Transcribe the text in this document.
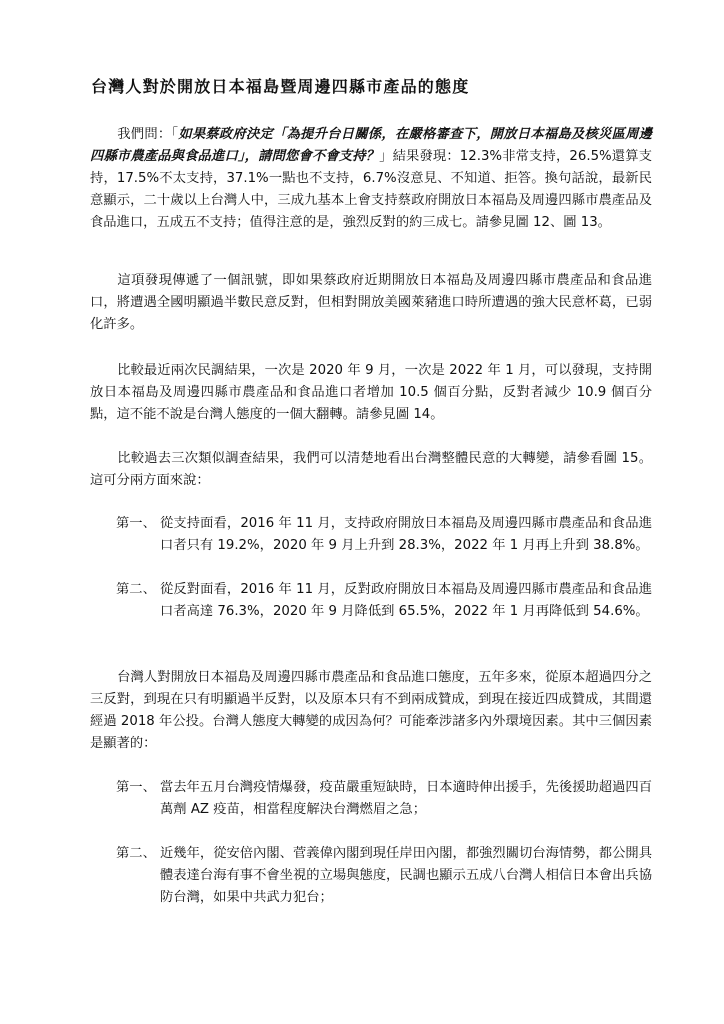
台灣人對於開放日本福島暨周邊四縣市產品的態度

我們問：「如果蔡政府決定「為提升台日關係，在嚴格審查下，開放日本福島及核災區周邊四縣市農產品與食品進口」，請問您會不會支持？」結果發現：12.3%非常支持，26.5%還算支持，17.5%不太支持，37.1%一點也不支持，6.7%沒意見、不知道、拒答。換句話說，最新民意顯示，二十歲以上台灣人中，三成九基本上會支持蔡政府開放日本福島及周邊四縣市農產品及食品進口，五成五不支持；值得注意的是，強烈反對的約三成七。請參見圖 12、圖 13。

這項發現傳遞了一個訊號，即如果蔡政府近期開放日本福島及周邊四縣市農產品和食品進口，將遭遇全國明顯過半數民意反對，但相對開放美國萊豬進口時所遭遇的強大民意杯葛，已弱化許多。

比較最近兩次民調結果，一次是 2020 年 9 月，一次是 2022 年 1 月，可以發現，支持開放日本福島及周邊四縣市農產品和食品進口者增加 10.5 個百分點，反對者減少 10.9 個百分點，這不能不說是台灣人態度的一個大翻轉。請參見圖 14。

比較過去三次類似調查結果，我們可以清楚地看出台灣整體民意的大轉變，請參看圖 15。這可分兩方面來說：

第一、 從支持面看，2016 年 11 月，支持政府開放日本福島及周邊四縣市農產品和食品進口者只有 19.2%，2020 年 9 月上升到 28.3%，2022 年 1 月再上升到 38.8%。
第二、 從反對面看，2016 年 11 月，反對政府開放日本福島及周邊四縣市農產品和食品進口者高達 76.3%，2020 年 9 月降低到 65.5%，2022 年 1 月再降低到 54.6%。

台灣人對開放日本福島及周邊四縣市農產品和食品進口態度，五年多來，從原本超過四分之三反對，到現在只有明顯過半反對，以及原本只有不到兩成贊成，到現在接近四成贊成，其間還經過 2018 年公投。台灣人態度大轉變的成因為何？可能牽涉諸多內外環境因素。其中三個因素是顯著的：

第一、 當去年五月台灣疫情爆發，疫苗嚴重短缺時，日本適時伸出援手，先後援助超過四百萬劑 AZ 疫苗，相當程度解決台灣燃眉之急；
第二、 近幾年，從安倍內閣、菅義偉內閣到現任岸田內閣，都強烈關切台海情勢，都公開具體表達台海有事不會坐視的立場與態度，民調也顯示五成八台灣人相信日本會出兵協防台灣，如果中共武力犯台；
